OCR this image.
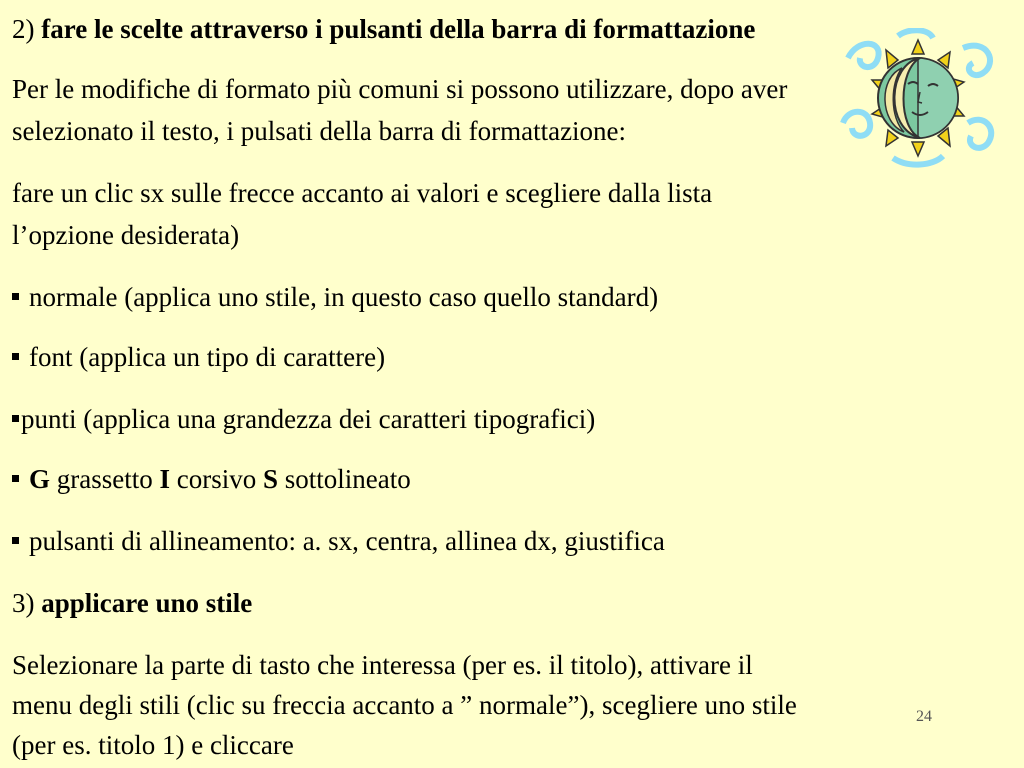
2) fare le scelte attraverso i pulsanti della barra di formattazione
Per le modifiche di formato più comuni si possono utilizzare, dopo aver
selezionato il testo, i pulsati della barra di formattazione:
fare un clic sx sulle frecce accanto ai valori e scegliere dalla lista
l’opzione desiderata)
normale (applica uno stile, in questo caso quello standard)
font (applica un tipo di carattere)
punti (applica una grandezza dei caratteri tipografici)
G grassetto I corsivo S sottolineato
pulsanti di allineamento: a. sx, centra, allinea dx, giustifica
3) applicare uno stile
Selezionare la parte di tasto che interessa (per es. il titolo), attivare il
menu degli stili (clic su freccia accanto a ” normale”), scegliere uno stile
(per es. titolo 1) e cliccare
24
